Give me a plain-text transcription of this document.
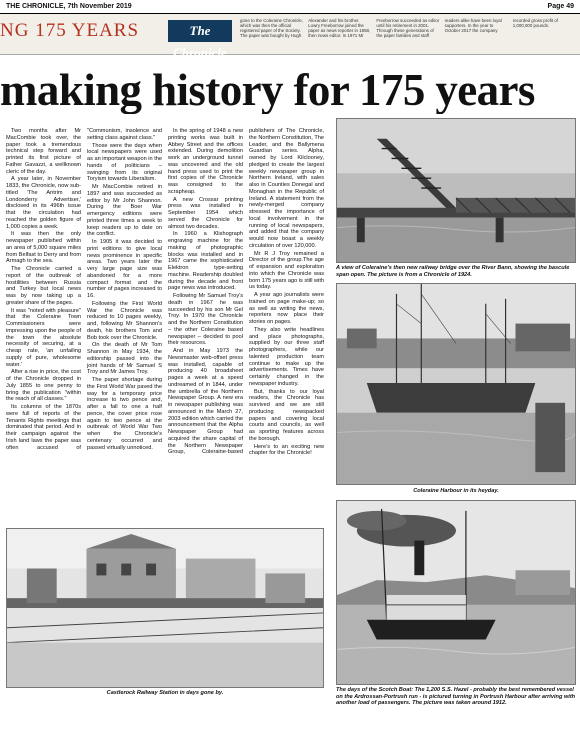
THE CHRONICLE, 7th November 2019	Page 49
NG 175 YEARS	The Chronicle
gone to the Coleraine Chronicle, which was then the official registered paper of the Society. The paper was bought by Hugh Alexander and his brother. Lowry Freeborrow joined the paper as news reporter in 1958, then news editor. In 1971 Mr Freeborrow succeeded as editor until his retirement in 2001. Through these generations of the paper families and staff readers alike have been loyal supporters. In the year to October 2017 the company recorded gross profit of 1,000,000 pounds.
making history for 175 years

Two months after Mr MacCombie took over, the paper took a tremendous technical step forward and printed its first picture of Father Gavazzi, a wellknown cleric of the day.

A year later, in November 1833, the Chronicle, now sub-titled 'The Antrim and Londonderry Advertiser,' disclosed in its 496th issue that the circulation had reached the golden figure of 1,000 copies a week.

It was then the only newspaper published within an area of 5,000 square miles from Belfast to Derry and from Armagh to the sea.

The Chronicle carried a report of the outbreak of hostilities between Russia and Turkey but local news was by now taking up a greater share of the pages.

It was "noted with pleasure" that the Coleraine Town Commissioners were impressing upon the people of the town the absolute necessity of securing, at a cheap rate, 'an unfailing supply of pure, wholesome water.'

After a rise in price, the cost of the Chronicle dropped in July 1855 to one penny to bring the publication "within the reach of all classes."

Its columns of the 1870s were full of reports of the Tenants Rights meetings that dominated that period. And in their campaign against the Irish land laws the paper was often accused of "Communism, insolence and setting class against class."

Those were the days when local newspapers were used as an important weapon in the hands of politicians – swinging from its original Toryism towards Liberalism.

Mr MacCombie retired in 1897 and was succeeded as editor by Mr John Shannon. During the Boer War emergency editions were printed three times a week to keep readers up to date on the conflict.

In 1905 it was decided to print editions to give local news prominence in specific areas. Two years later the very large page size was abandoned for a more compact format and the number of pages increased to 16.

Following the First World War the Chronicle was reduced to 10 pages weekly, and, following Mr Shannon's death, his brothers Tom and Bob took over the Chronicle.

On the death of Mr Tom Shannon in May 1934, the editorship passed into the joint hands of Mr Samuel S Troy and Mr James Troy.

The paper shortage during the First World War paved the way for a temporary price increase to two pence and, after a fall to one a half pence, the cover price rose again to two pence at the outbreak of World War Two when the Chronicle's centenary occurred and passed virtually unnoticed.

In the spring of 1948 a new printing works was built in Abbey Street and the offices extended. During demolition work an underground tunnel was uncovered and the old hand press used to print the first copies of the Chronicle was consigned to the scrapheap.

A new Crossar printing press was installed in September 1954 which served the Chronicle for almost two decades.

In 1960 a Klishograph engraving machine for the making of photographic blocks was installed and in 1967 came the sophisticated Elektron type-setting machine. Readership doubled during the decade and front page news was introduced.

Following Mr Samuel Troy's death in 1967 he was succeeded by his son Mr Gel Troy. In 1970 the Chronicle and the Northern Constitution – the other Coleraine based newspaper – decided to pool their resources.

And in May 1973 the Newsmaster web-offset press was installed, capable of producing 40 broadsheet pages a week at a speed undreamed of in 1844, under the umbrella of the Northern Newspaper Group. A new era in newspaper publishing was announced in the March 27, 2003 edition which carried the announcement that the Alpha Newspaper Group had acquired the share capital of the Northern Newspaper Group, Coleraine-based publishers of The Chronicle, the Northern Constitution, The Leader, and the Ballymena Guardian series. Alpha, owned by Lord Kilclooney, pledged to create the largest weekly newspaper group in Northern Ireland, with sales also in Counties Donegal and Monaghan in the Republic of Ireland. A statement from the newly-merged company stressed the importance of local involvement in the running of local newspapers, and added that the company would now boast a weekly circulation of over 120,000.

Mr R J Troy remained a Director of the group.The age of expansion and exploration into which the Chronicle was born 175 years ago is still with us today.

A year ago journalists were trained on page make-up; so as well as writing the news, reporters now place their stories on pages.

They also write headlines and place photographs, supplied by our three staff photographers, while our talented production team continue to make up the advertisements. Times have certainly changed in the newspaper industry.

But, thanks to our loyal readers, the Chronicle has survived and we are still producing newspacked papers and covering local courts and councils, as well as sporting features across the borough.

Here's to an exciting new chapter for the Chronicle!

A view of Coleraine's then new railway bridge over the River Bann, showing the bascule span open. The picture is from a Chronicle of 1924.
Coleraine Harbour in its heyday.
Castlerock Railway Station in days gone by.	The days of the Scotch Boat: The 1,200 S.S. Hazel - probably the best remembered vessel on the Ardrossan-Portrush run - is pictured turning in Portrush Harbour after arriving with another load of passengers. The picture was taken around 1912.
